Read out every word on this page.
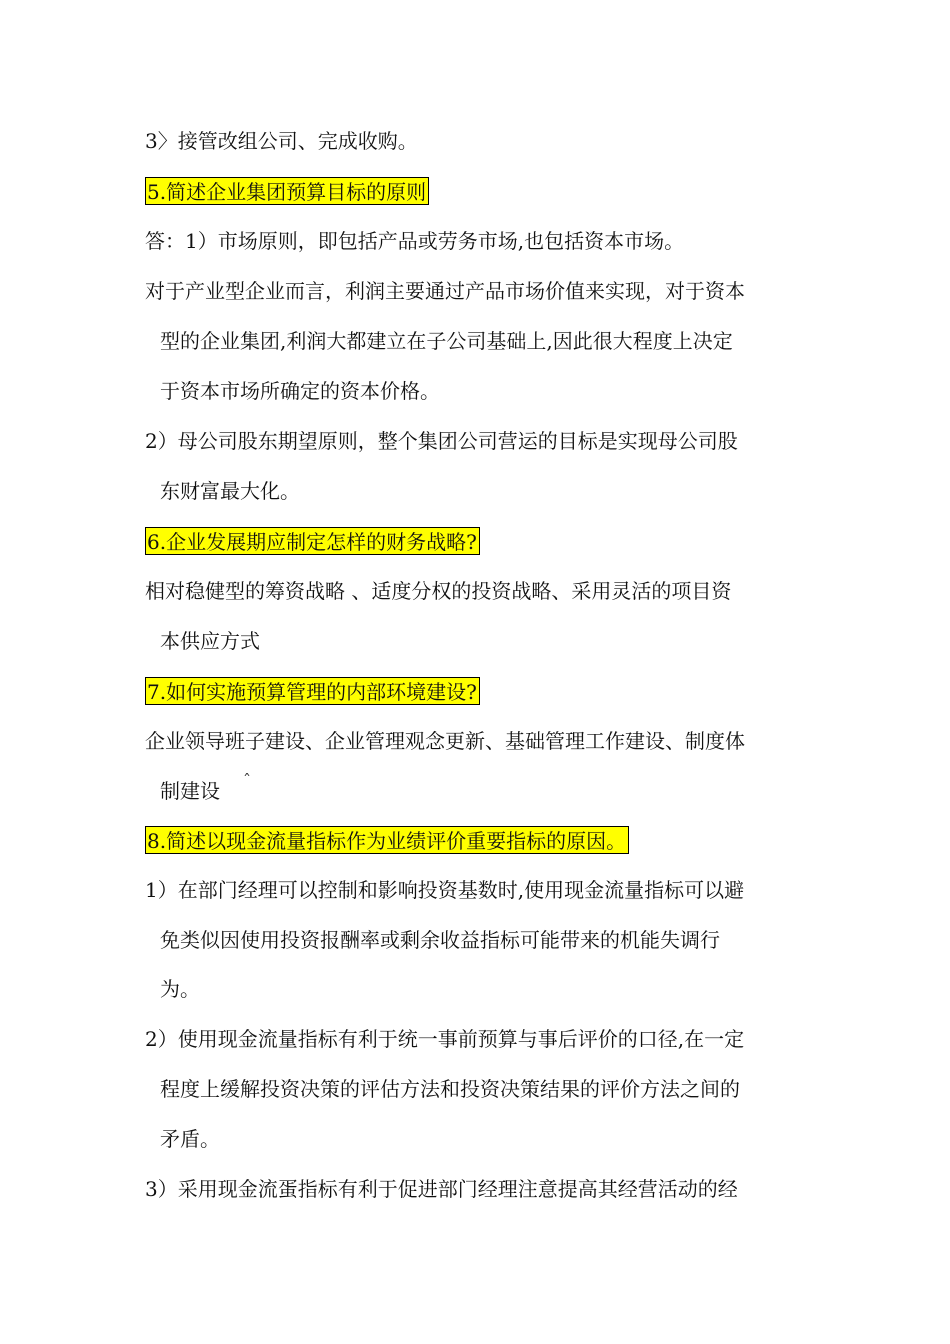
3〉接管改组公司、完成收购。
5.简述企业集团预算目标的原则
答：1）市场原则，即包括产品或劳务市场,也包括资本市场。
对于产业型企业而言，利润主要通过产品市场价值来实现，对于资本
型的企业集团,利润大都建立在子公司基础上,因此很大程度上决定
于资本市场所确定的资本价格。
2）母公司股东期望原则，整个集团公司营运的目标是实现母公司股
东财富最大化。
6.企业发展期应制定怎样的财务战略?
相对稳健型的筹资战略 、适度分权的投资战略、采用灵活的项目资
本供应方式
7.如何实施预算管理的内部环境建设?
企业领导班子建设、企业管理观念更新、基础管理工作建设、制度体
制建设 ˆ
8.简述以现金流量指标作为业绩评价重要指标的原因。
1）在部门经理可以控制和影响投资基数时,使用现金流量指标可以避
免类似因使用投资报酬率或剩余收益指标可能带来的机能失调行
为。
2）使用现金流量指标有利于统一事前预算与事后评价的口径,在一定
程度上缓解投资决策的评估方法和投资决策结果的评价方法之间的
矛盾。
3）采用现金流蛋指标有利于促进部门经理注意提高其经营活动的经
